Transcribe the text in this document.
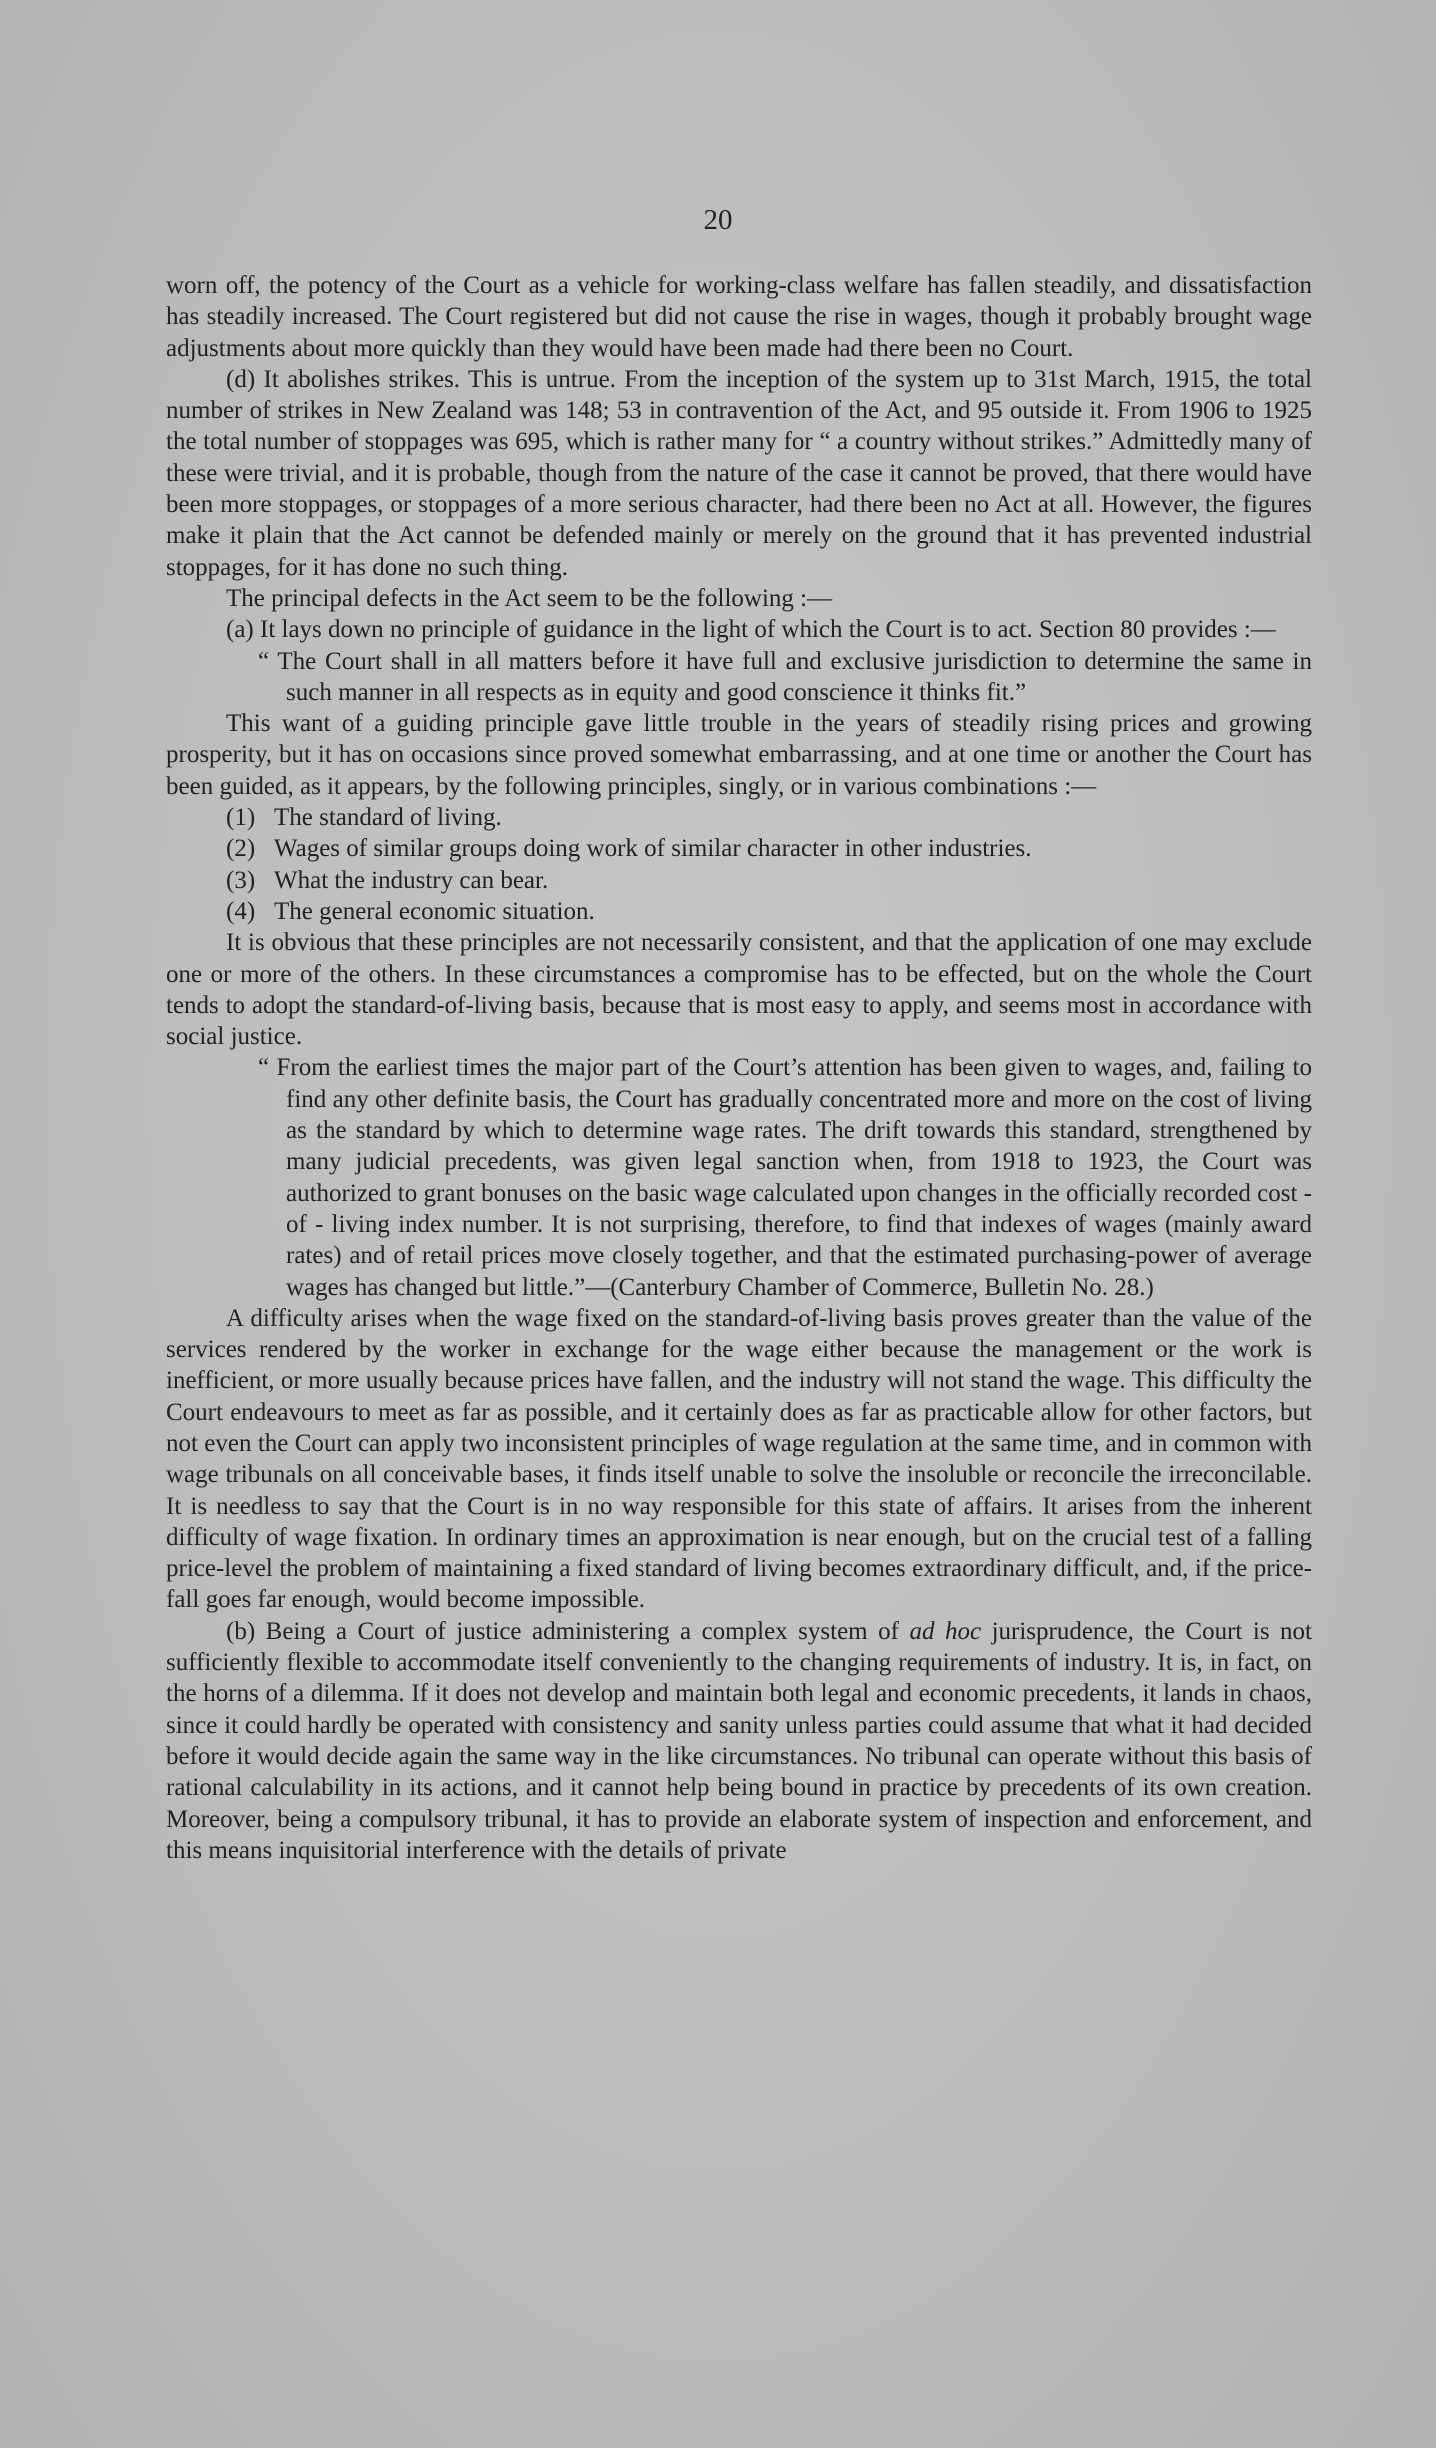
20

worn off, the potency of the Court as a vehicle for working-class welfare has fallen steadily, and dissatisfaction has steadily increased. The Court registered but did not cause the rise in wages, though it probably brought wage adjustments about more quickly than they would have been made had there been no Court.

(d) It abolishes strikes. This is untrue. From the inception of the system up to 31st March, 1915, the total number of strikes in New Zealand was 148; 53 in contravention of the Act, and 95 outside it. From 1906 to 1925 the total number of stoppages was 695, which is rather many for “ a country without strikes.” Admittedly many of these were trivial, and it is probable, though from the nature of the case it cannot be proved, that there would have been more stoppages, or stoppages of a more serious character, had there been no Act at all. However, the figures make it plain that the Act cannot be defended mainly or merely on the ground that it has prevented industrial stoppages, for it has done no such thing.

The principal defects in the Act seem to be the following :—

(a) It lays down no principle of guidance in the light of which the Court is to act. Section 80 provides :—

“ The Court shall in all matters before it have full and exclusive jurisdiction to determine the same in such manner in all respects as in equity and good conscience it thinks fit.”

This want of a guiding principle gave little trouble in the years of steadily rising prices and growing prosperity, but it has on occasions since proved somewhat embarrassing, and at one time or another the Court has been guided, as it appears, by the following principles, singly, or in various combinations :—

(1) The standard of living.

(2) Wages of similar groups doing work of similar character in other industries.

(3) What the industry can bear.

(4) The general economic situation.

It is obvious that these principles are not necessarily consistent, and that the application of one may exclude one or more of the others. In these circumstances a compromise has to be effected, but on the whole the Court tends to adopt the standard-of-living basis, because that is most easy to apply, and seems most in accordance with social justice.

“ From the earliest times the major part of the Court’s attention has been given to wages, and, failing to find any other definite basis, the Court has gradually concentrated more and more on the cost of living as the standard by which to determine wage rates. The drift towards this standard, strengthened by many judicial precedents, was given legal sanction when, from 1918 to 1923, the Court was authorized to grant bonuses on the basic wage calculated upon changes in the officially recorded cost - of - living index number. It is not surprising, therefore, to find that indexes of wages (mainly award rates) and of retail prices move closely together, and that the estimated purchasing-power of average wages has changed but little.”—(Canterbury Chamber of Commerce, Bulletin No. 28.)

A difficulty arises when the wage fixed on the standard-of-living basis proves greater than the value of the services rendered by the worker in exchange for the wage either because the management or the work is inefficient, or more usually because prices have fallen, and the industry will not stand the wage. This difficulty the Court endeavours to meet as far as possible, and it certainly does as far as practicable allow for other factors, but not even the Court can apply two inconsistent principles of wage regulation at the same time, and in common with wage tribunals on all conceivable bases, it finds itself unable to solve the insoluble or reconcile the irreconcilable. It is needless to say that the Court is in no way responsible for this state of affairs. It arises from the inherent difficulty of wage fixation. In ordinary times an approximation is near enough, but on the crucial test of a falling price-level the problem of maintaining a fixed standard of living becomes extraordinary difficult, and, if the price-fall goes far enough, would become impossible.

(b) Being a Court of justice administering a complex system of ad hoc jurisprudence, the Court is not sufficiently flexible to accommodate itself conveniently to the changing requirements of industry. It is, in fact, on the horns of a dilemma. If it does not develop and maintain both legal and economic precedents, it lands in chaos, since it could hardly be operated with consistency and sanity unless parties could assume that what it had decided before it would decide again the same way in the like circumstances. No tribunal can operate without this basis of rational calculability in its actions, and it cannot help being bound in practice by precedents of its own creation. Moreover, being a compulsory tribunal, it has to provide an elaborate system of inspection and enforcement, and this means inquisitorial interference with the details of private
